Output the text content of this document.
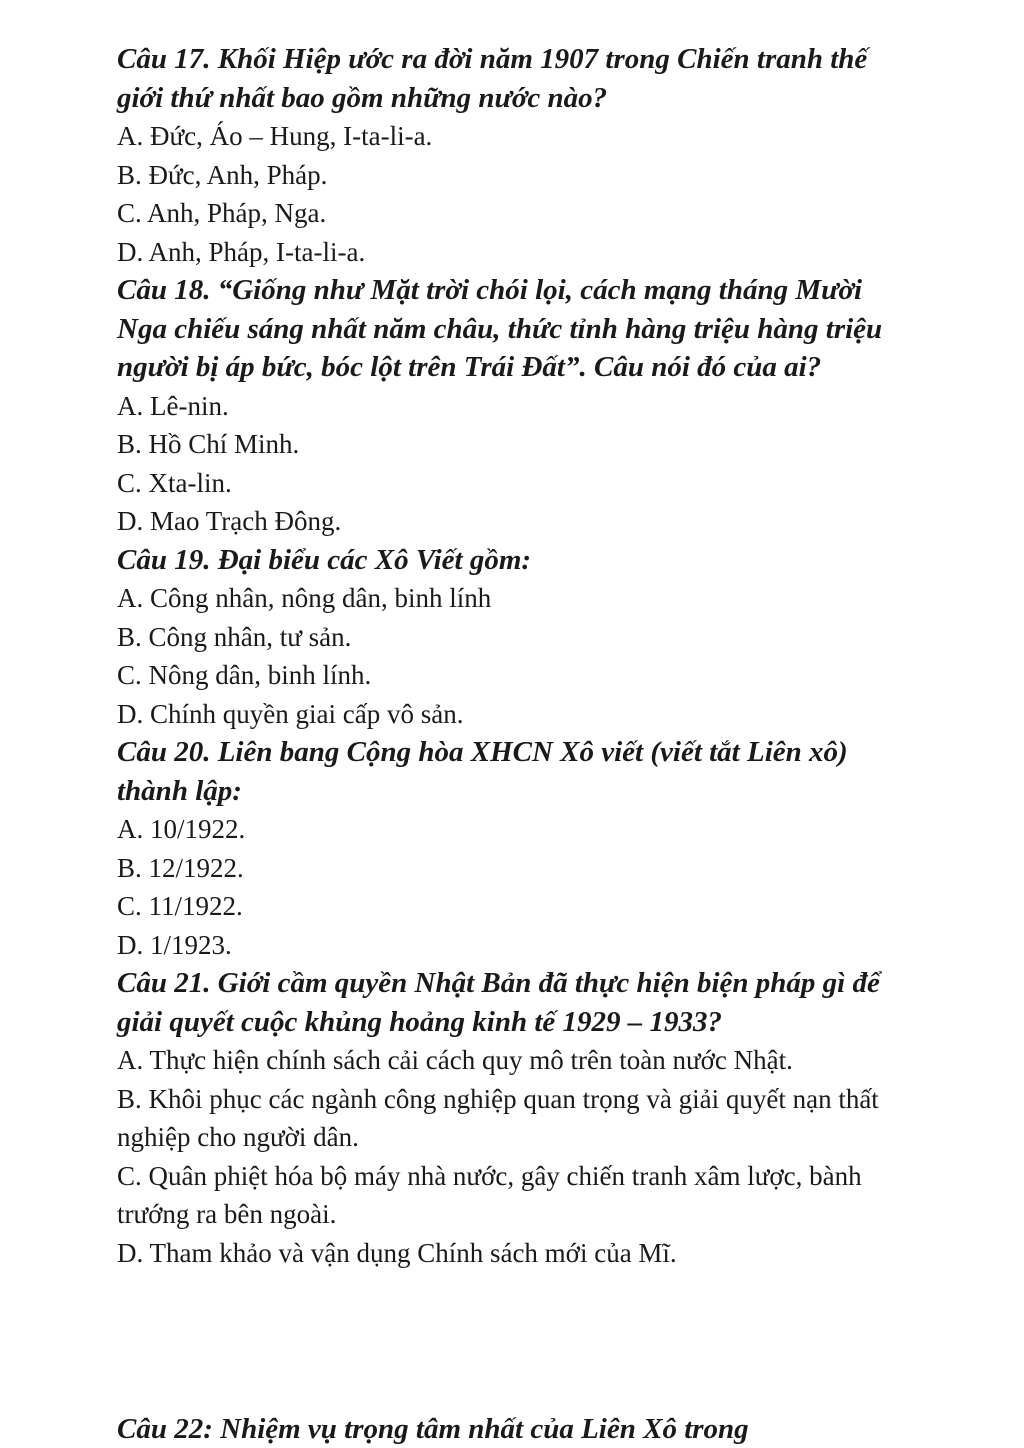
Câu 17. Khối Hiệp ước ra đời năm 1907 trong Chiến tranh thế giới thứ nhất bao gồm những nước nào?

A. Đức, Áo – Hung, I-ta-li-a.

B. Đức, Anh, Pháp.

C. Anh, Pháp, Nga.

D. Anh, Pháp, I-ta-li-a.

Câu 18. “Giống như Mặt trời chói lọi, cách mạng tháng Mười Nga chiếu sáng nhất năm châu, thức tỉnh hàng triệu hàng triệu người bị áp bức, bóc lột trên Trái Đất”. Câu nói đó của ai?

A. Lê-nin.

B. Hồ Chí Minh.

C. Xta-lin.

D. Mao Trạch Đông.

Câu 19. Đại biểu các Xô Viết gồm:

A. Công nhân, nông dân, binh lính

B. Công nhân, tư sản.

C. Nông dân, binh lính.

D. Chính quyền giai cấp vô sản.

Câu 20. Liên bang Cộng hòa XHCN Xô viết (viết tắt Liên xô) thành lập:

A. 10/1922.

B. 12/1922.

C. 11/1922.

D. 1/1923.

Câu 21. Giới cầm quyền Nhật Bản đã thực hiện biện pháp gì để giải quyết cuộc khủng hoảng kinh tế 1929 – 1933?

A. Thực hiện chính sách cải cách quy mô trên toàn nước Nhật.

B. Khôi phục các ngành công nghiệp quan trọng và giải quyết nạn thất nghiệp cho người dân.

C. Quân phiệt hóa bộ máy nhà nước, gây chiến tranh xâm lược, bành trướng ra bên ngoài.

D. Tham khảo và vận dụng Chính sách mới của Mĩ.

Câu 22: Nhiệm vụ trọng tâm nhất của Liên Xô trong
